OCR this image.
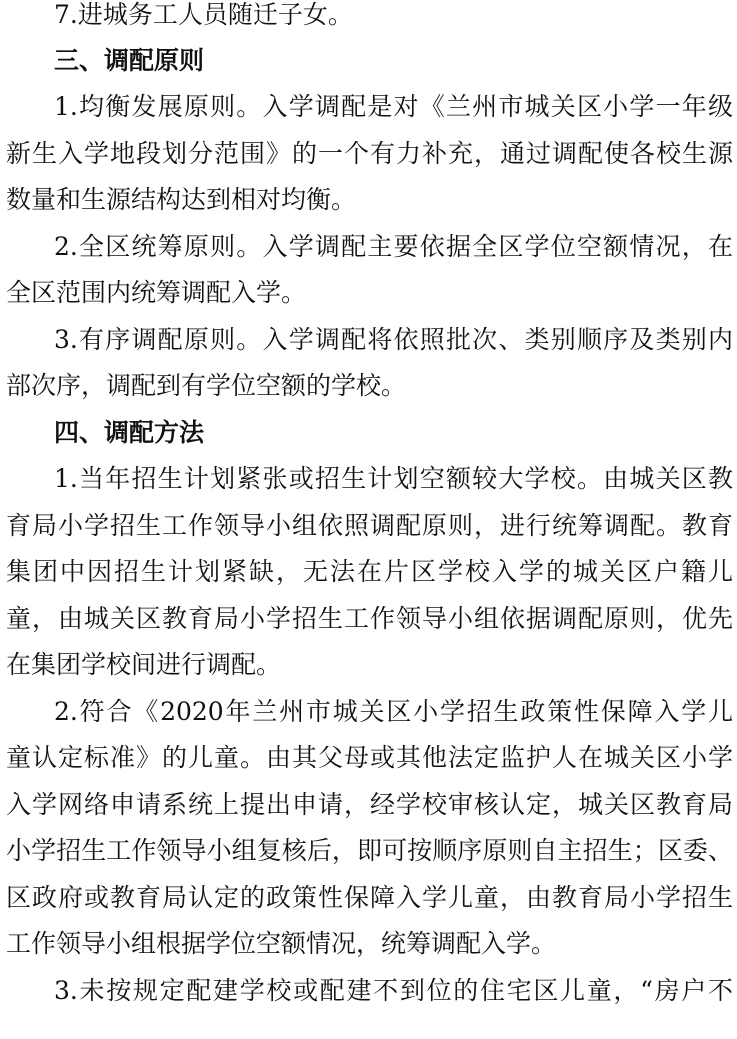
7.进城务工人员随迁子女。
三、调配原则
1.均衡发展原则。入学调配是对《兰州市城关区小学一年级
新生入学地段划分范围》的一个有力补充，通过调配使各校生源
数量和生源结构达到相对均衡。
2.全区统筹原则。入学调配主要依据全区学位空额情况，在
全区范围内统筹调配入学。
3.有序调配原则。入学调配将依照批次、类别顺序及类别内
部次序，调配到有学位空额的学校。
四、调配方法
1.当年招生计划紧张或招生计划空额较大学校。由城关区教
育局小学招生工作领导小组依照调配原则，进行统筹调配。教育
集团中因招生计划紧缺，无法在片区学校入学的城关区户籍儿
童，由城关区教育局小学招生工作领导小组依据调配原则，优先
在集团学校间进行调配。
2.符合《2020年兰州市城关区小学招生政策性保障入学儿
童认定标准》的儿童。由其父母或其他法定监护人在城关区小学
入学网络申请系统上提出申请，经学校审核认定，城关区教育局
小学招生工作领导小组复核后，即可按顺序原则自主招生；区委、
区政府或教育局认定的政策性保障入学儿童，由教育局小学招生
工作领导小组根据学位空额情况，统筹调配入学。
3.未按规定配建学校或配建不到位的住宅区儿童，“房户不
